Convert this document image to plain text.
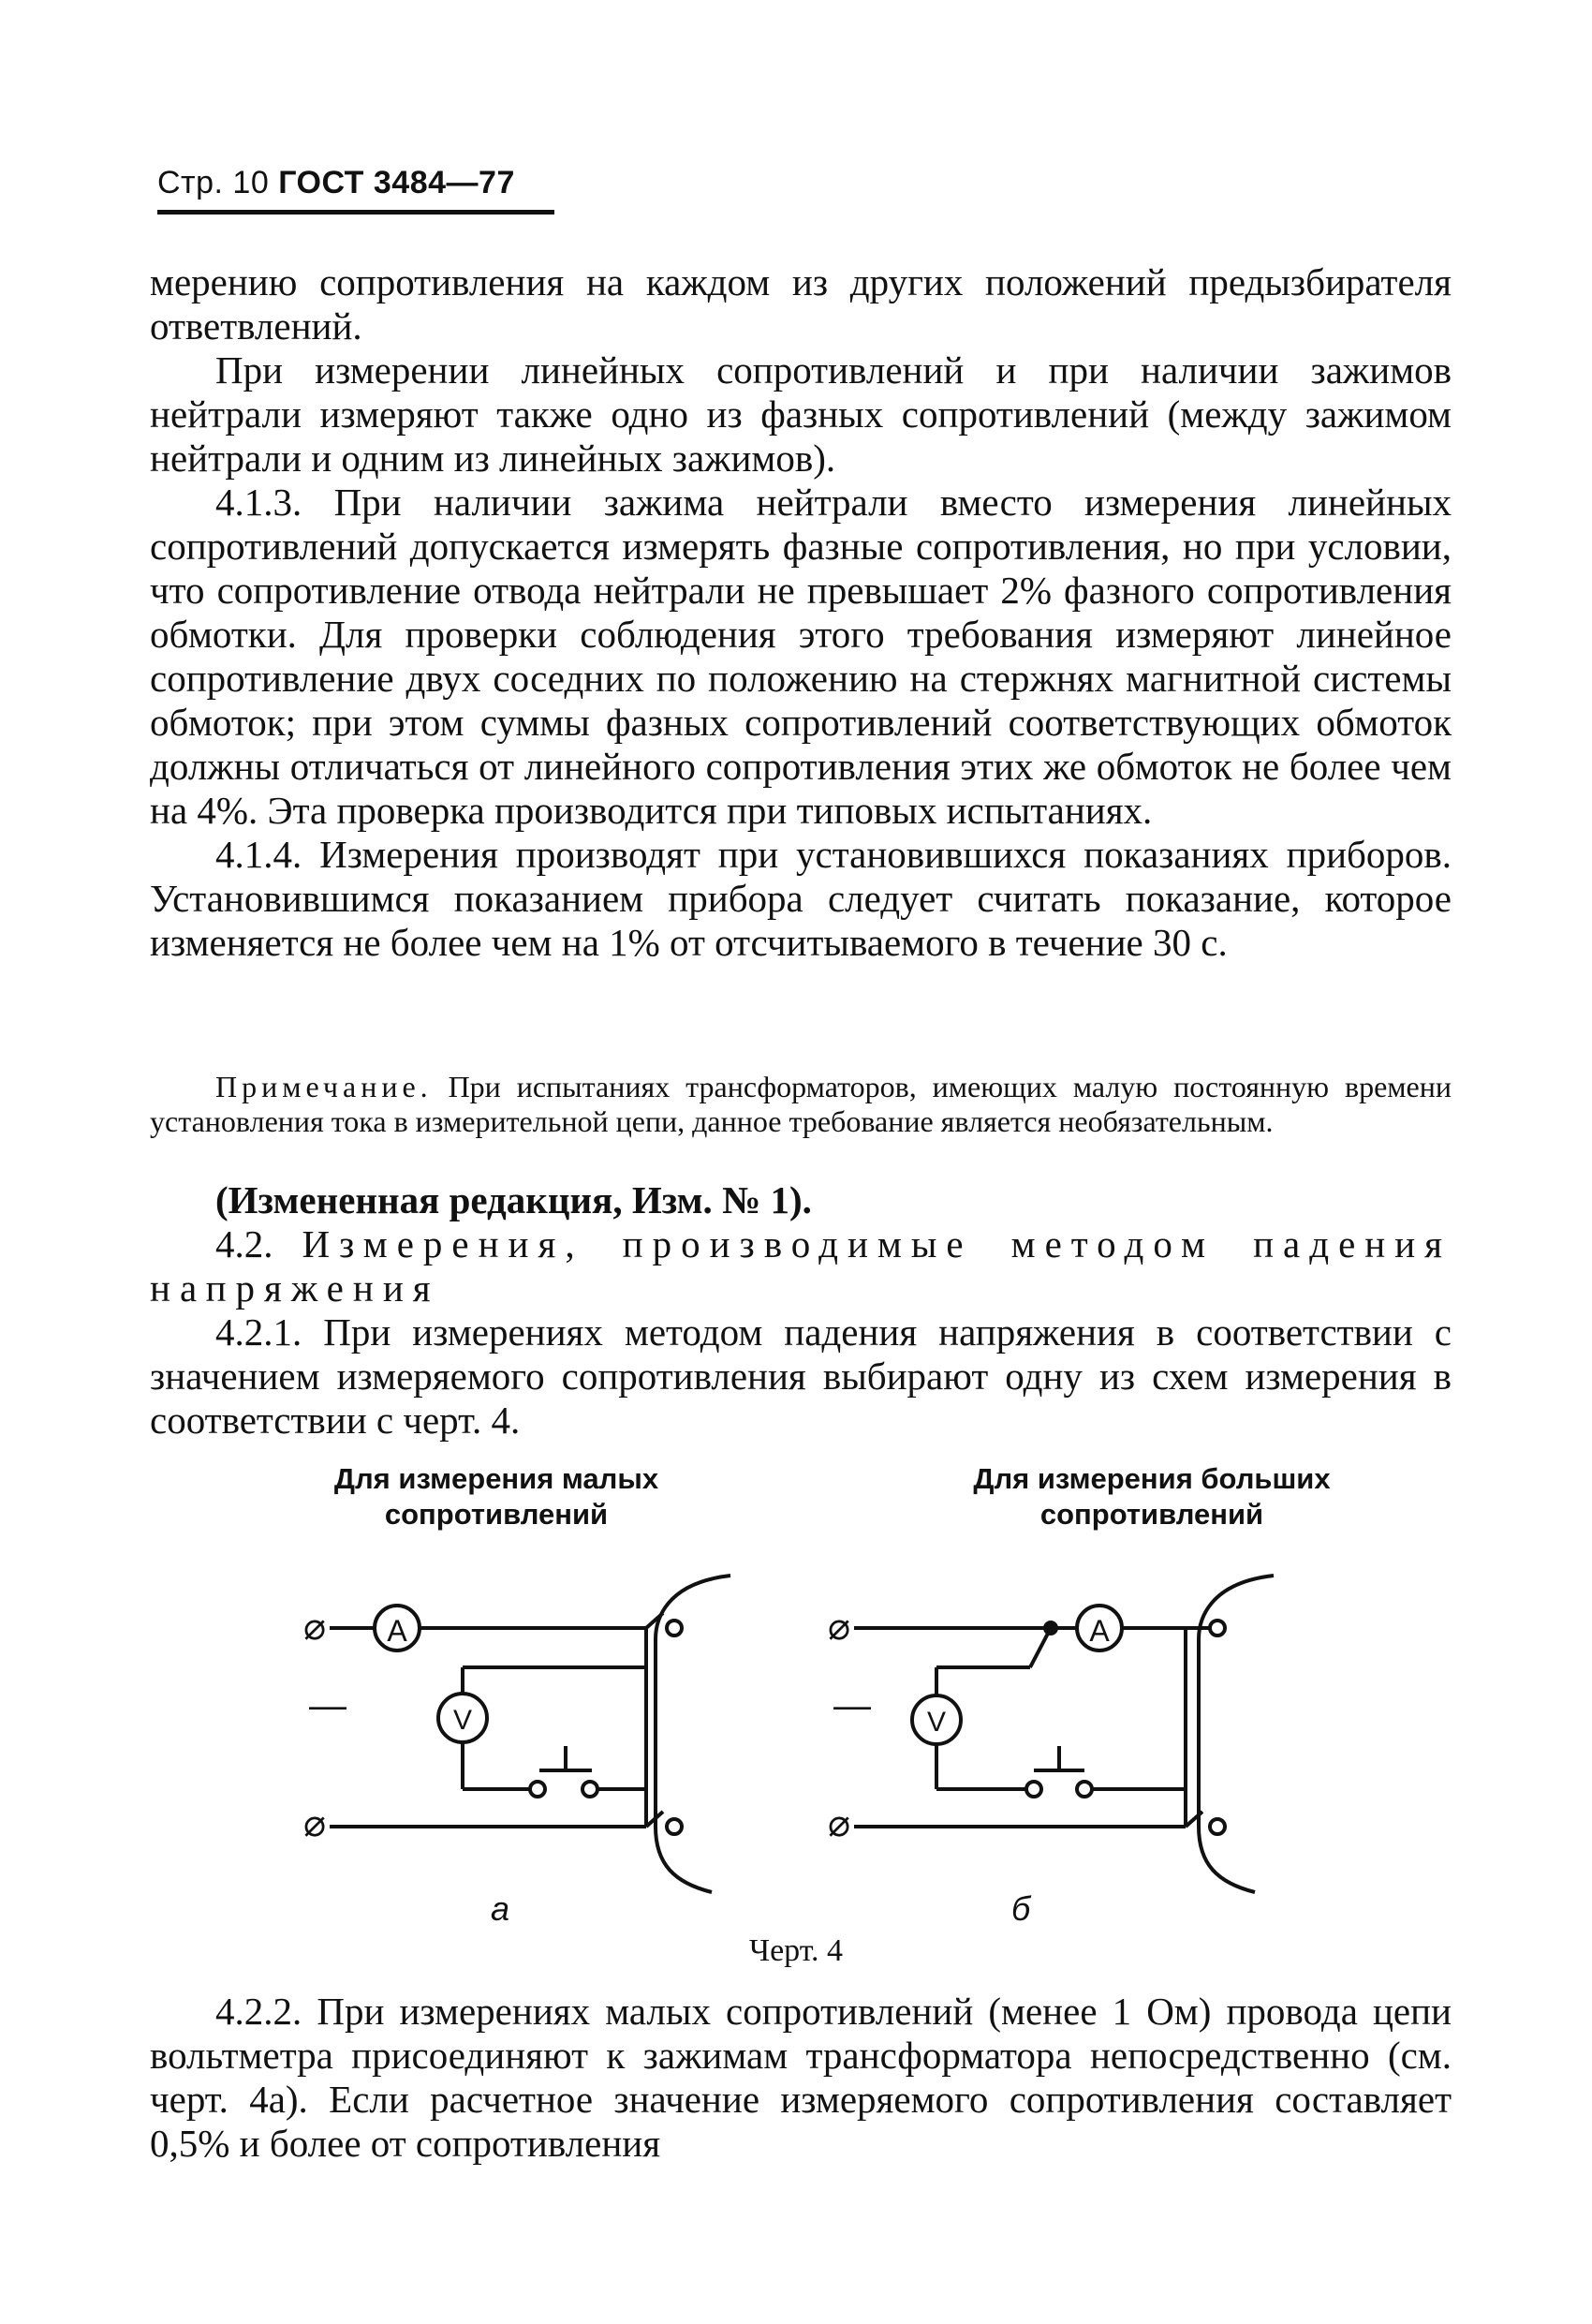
Стр. 10 ГОСТ 3484—77

мерению сопротивления на каждом из других положений предызбирателя ответвлений.

При измерении линейных сопротивлений и при наличии зажимов нейтрали измеряют также одно из фазных сопротивлений (между зажимом нейтрали и одним из линейных зажимов).

4.1.3. При наличии зажима нейтрали вместо измерения линейных сопротивлений допускается измерять фазные сопротивления, но при условии, что сопротивление отвода нейтрали не превышает 2% фазного сопротивления обмотки. Для проверки соблюдения этого требования измеряют линейное сопротивление двух соседних по положению на стержнях магнитной системы обмоток; при этом суммы фазных сопротивлений соответствующих обмоток должны отличаться от линейного сопротивления этих же обмоток не более чем на 4%. Эта проверка производится при типовых испытаниях.

4.1.4. Измерения производят при установившихся показаниях приборов. Установившимся показанием прибора следует считать показание, которое изменяется не более чем на 1% от отсчитываемого в течение 30 с.

Примечание. При испытаниях трансформаторов, имеющих малую постоянную времени установления тока в измерительной цепи, данное требование является необязательным.

(Измененная редакция, Изм. № 1).

4.2. Измерения, производимые методом падения напряжения

4.2.1. При измерениях методом падения напряжения в соответствии с значением измеряемого сопротивления выбирают одну из схем измерения в соответствии с черт. 4.

Для измерения малых
сопротивлений
Для измерения больших
сопротивлений
⌀ A
V
—
⌀
а
⌀	A
V
—
⌀
б
Черт. 4

4.2.2. При измерениях малых сопротивлений (менее 1 Ом) провода цепи вольтметра присоединяют к зажимам трансформатора непосредственно (см. черт. 4а). Если расчетное значение измеряемого сопротивления составляет 0,5% и более от сопротивления
